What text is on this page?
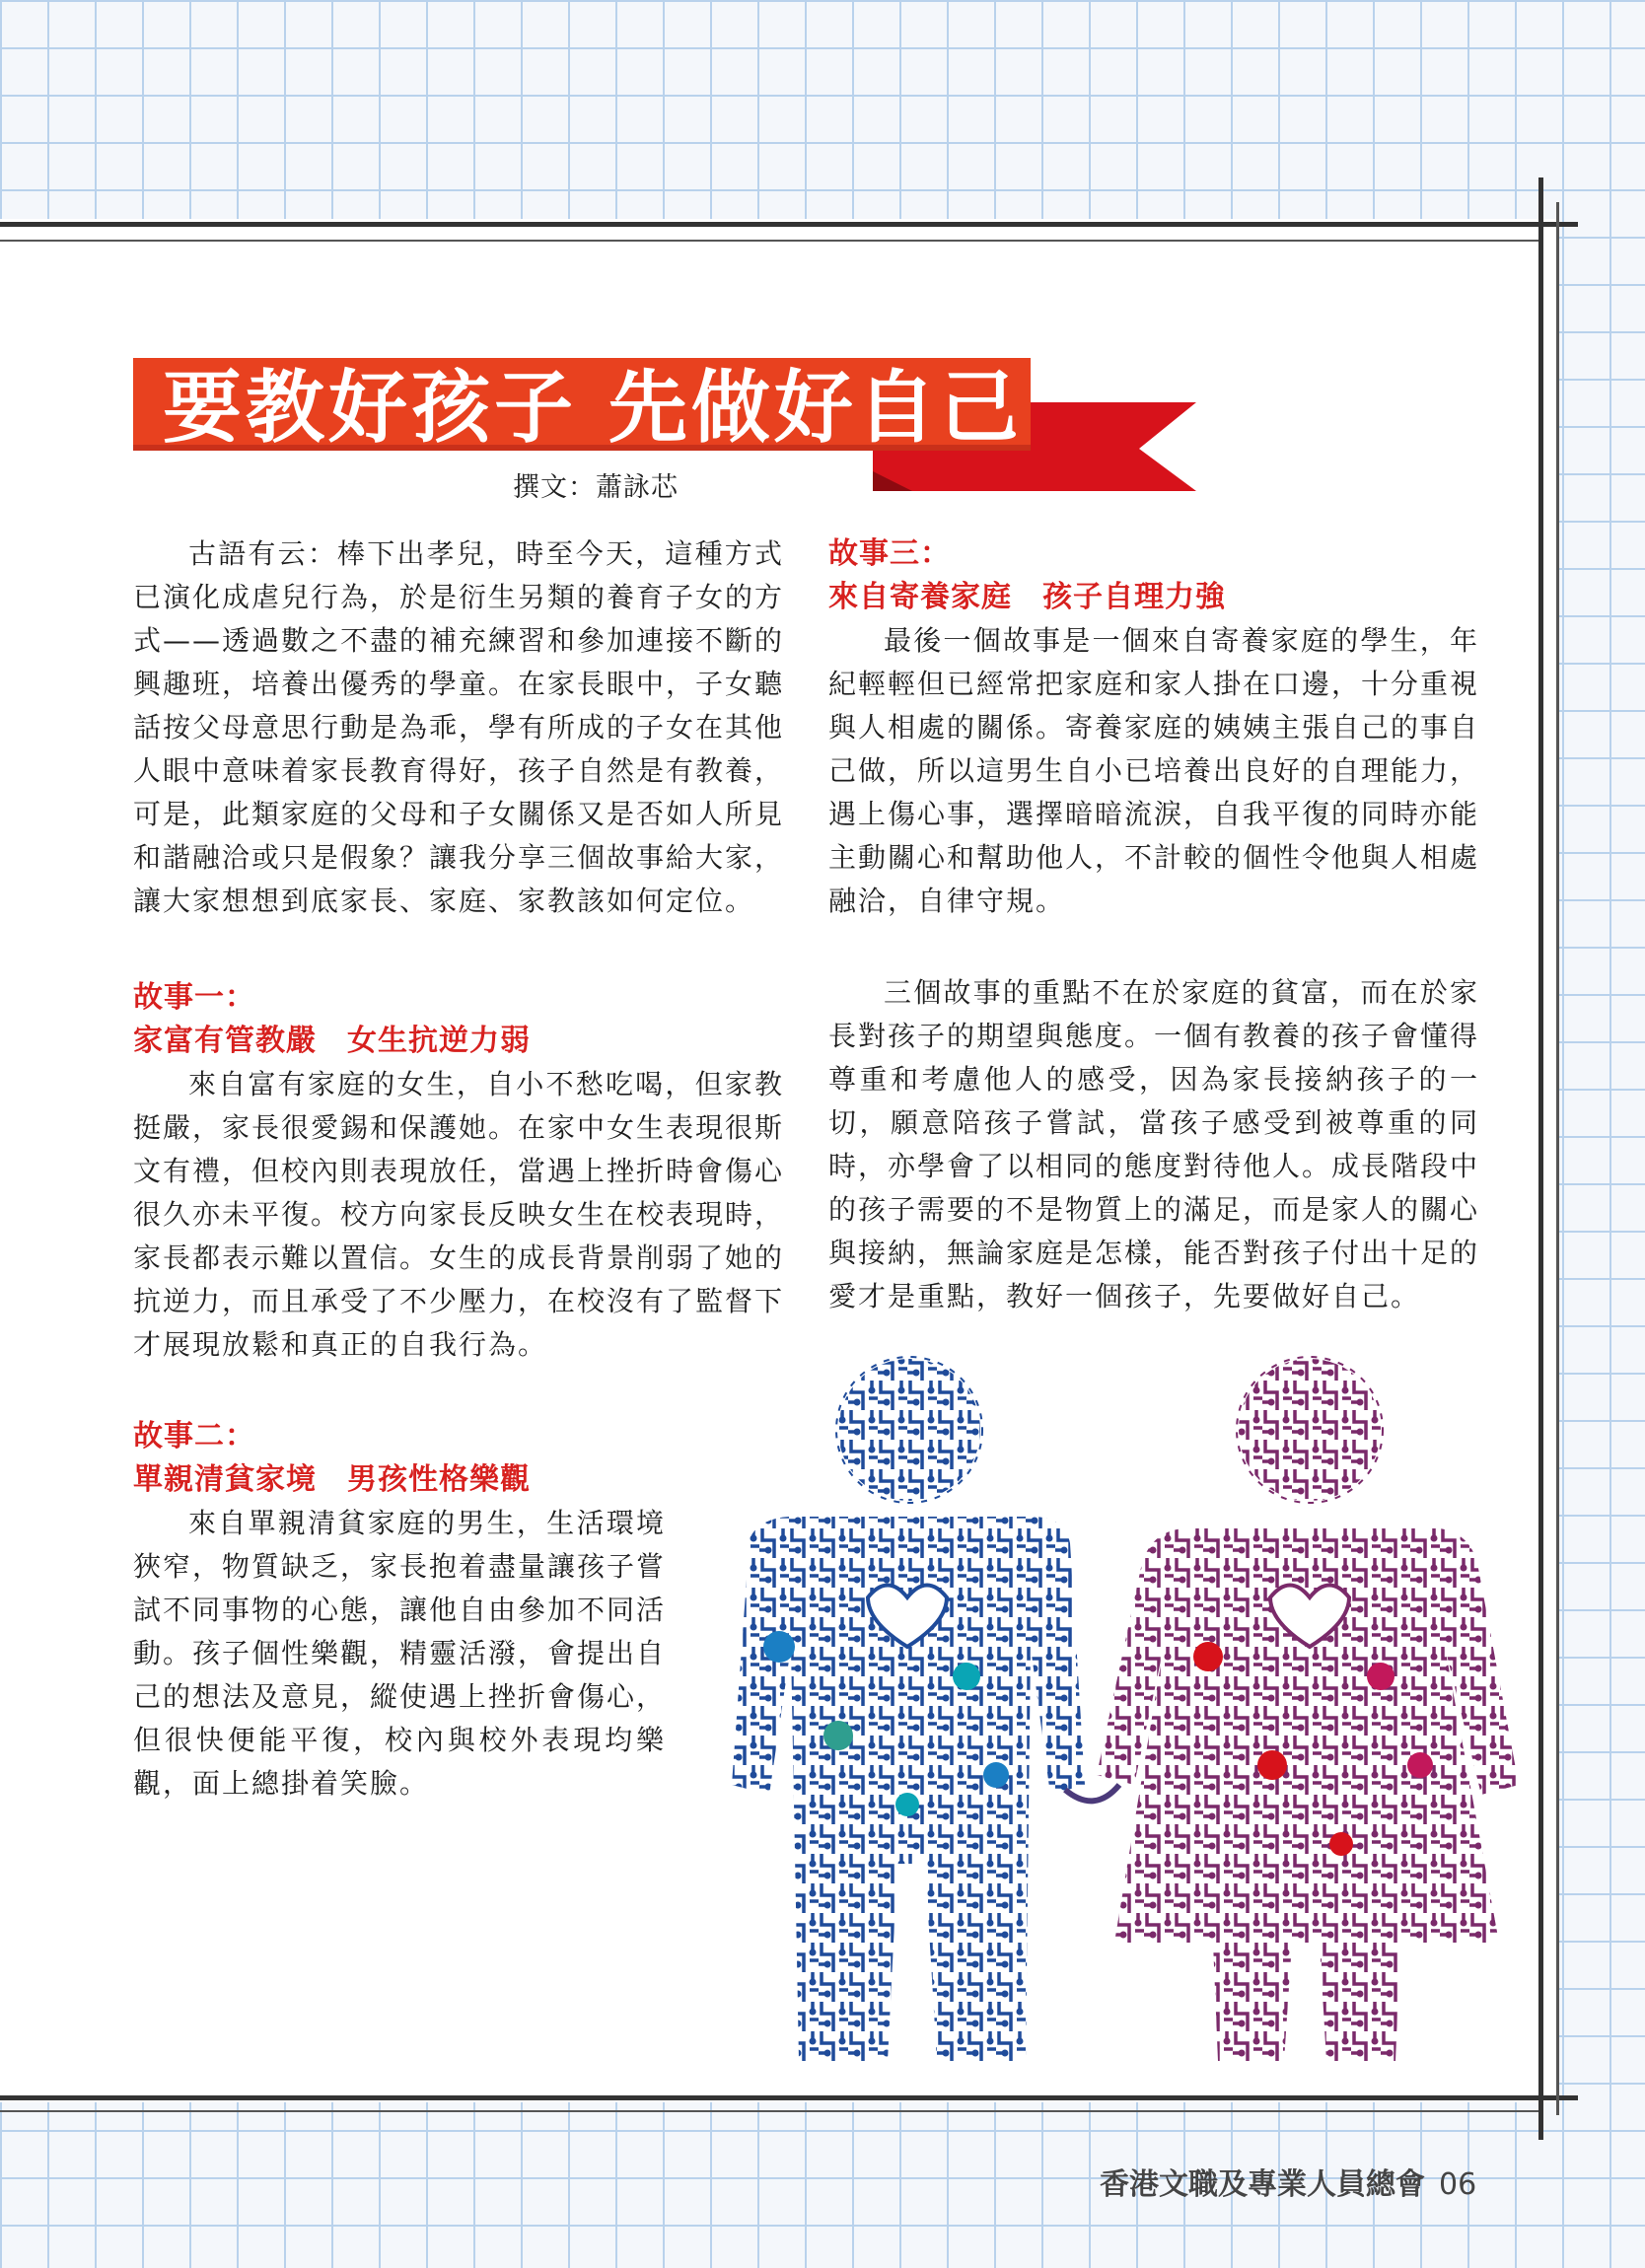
要教好孩子 先做好自己
撰文：蕭詠芯

古語有云：棒下出孝兒，時至今天，這種方式已演化成虐兒行為，於是衍生另類的養育子女的方式——透過數之不盡的補充練習和參加連接不斷的興趣班，培養出優秀的學童。在家長眼中，子女聽話按父母意思行動是為乖，學有所成的子女在其他人眼中意味着家長教育得好，孩子自然是有教養，可是，此類家庭的父母和子女關係又是否如人所見和諧融洽或只是假象？讓我分享三個故事給大家，讓大家想想到底家長、家庭、家教該如何定位。

故事一：
家富有管教嚴　女生抗逆力弱

來自富有家庭的女生，自小不愁吃喝，但家教挺嚴，家長很愛錫和保護她。在家中女生表現很斯文有禮，但校內則表現放任，當遇上挫折時會傷心很久亦未平復。校方向家長反映女生在校表現時，家長都表示難以置信。女生的成長背景削弱了她的抗逆力，而且承受了不少壓力，在校沒有了監督下才展現放鬆和真正的自我行為。

故事二：
單親清貧家境　男孩性格樂觀

來自單親清貧家庭的男生，生活環境狹窄，物質缺乏，家長抱着盡量讓孩子嘗試不同事物的心態，讓他自由參加不同活動。孩子個性樂觀，精靈活潑，會提出自己的想法及意見，縱使遇上挫折會傷心，但很快便能平復，校內與校外表現均樂觀，面上總掛着笑臉。

故事三：
來自寄養家庭　孩子自理力強

最後一個故事是一個來自寄養家庭的學生，年紀輕輕但已經常把家庭和家人掛在口邊，十分重視與人相處的關係。寄養家庭的姨姨主張自己的事自己做，所以這男生自小已培養出良好的自理能力，遇上傷心事，選擇暗暗流淚，自我平復的同時亦能主動關心和幫助他人，不計較的個性令他與人相處融洽，自律守規。

三個故事的重點不在於家庭的貧富，而在於家長對孩子的期望與態度。一個有教養的孩子會懂得尊重和考慮他人的感受，因為家長接納孩子的一切，願意陪孩子嘗試，當孩子感受到被尊重的同時，亦學會了以相同的態度對待他人。成長階段中的孩子需要的不是物質上的滿足，而是家人的關心與接納，無論家庭是怎樣，能否對孩子付出十足的愛才是重點，教好一個孩子，先要做好自己。

香港文職及專業人員總會 06
